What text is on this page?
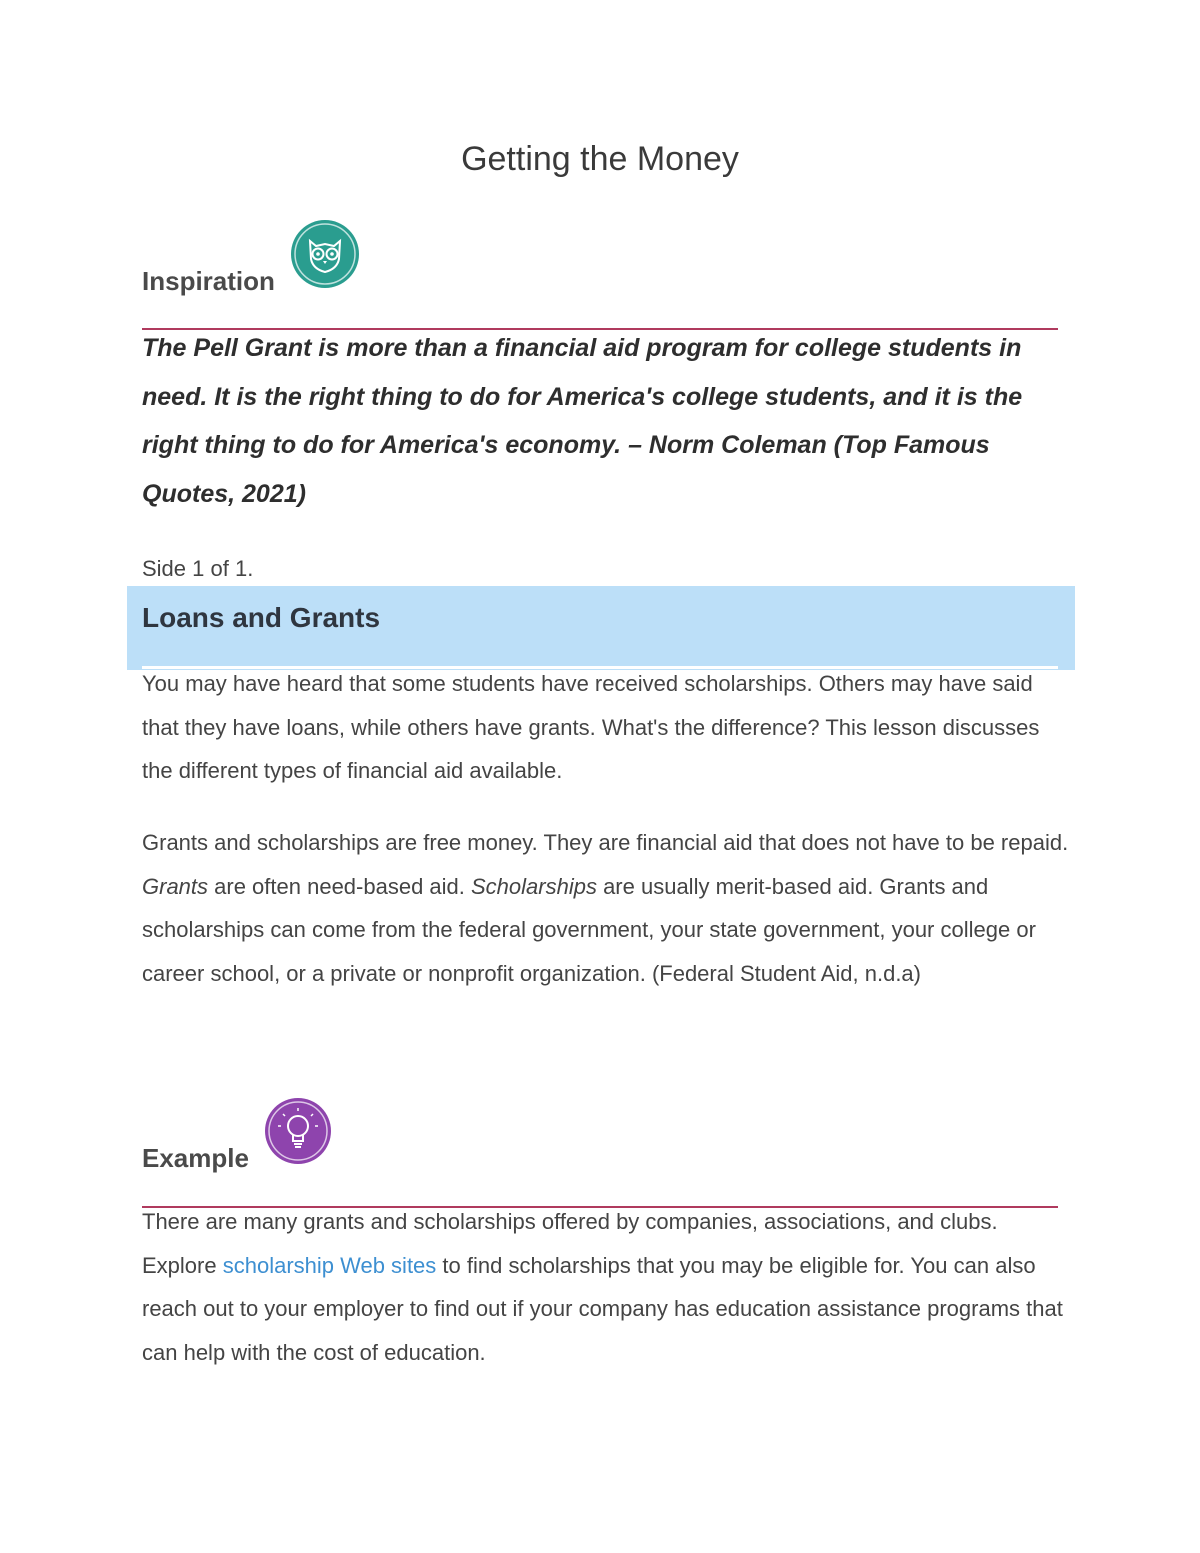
Getting the Money
Inspiration

The Pell Grant is more than a financial aid program for college students in need. It is the right thing to do for America's college students, and it is the right thing to do for America's economy. – Norm Coleman (Top Famous Quotes, 2021)

Side 1 of 1.

Loans and Grants

You may have heard that some students have received scholarships. Others may have said that they have loans, while others have grants. What's the difference? This lesson discusses the different types of financial aid available.

Grants and scholarships are free money. They are financial aid that does not have to be repaid. Grants are often need-based aid. Scholarships are usually merit-based aid. Grants and scholarships can come from the federal government, your state government, your college or career school, or a private or nonprofit organization. (Federal Student Aid, n.d.a)

Example

There are many grants and scholarships offered by companies, associations, and clubs. Explore scholarship Web sites to find scholarships that you may be eligible for. You can also reach out to your employer to find out if your company has education assistance programs that can help with the cost of education.
